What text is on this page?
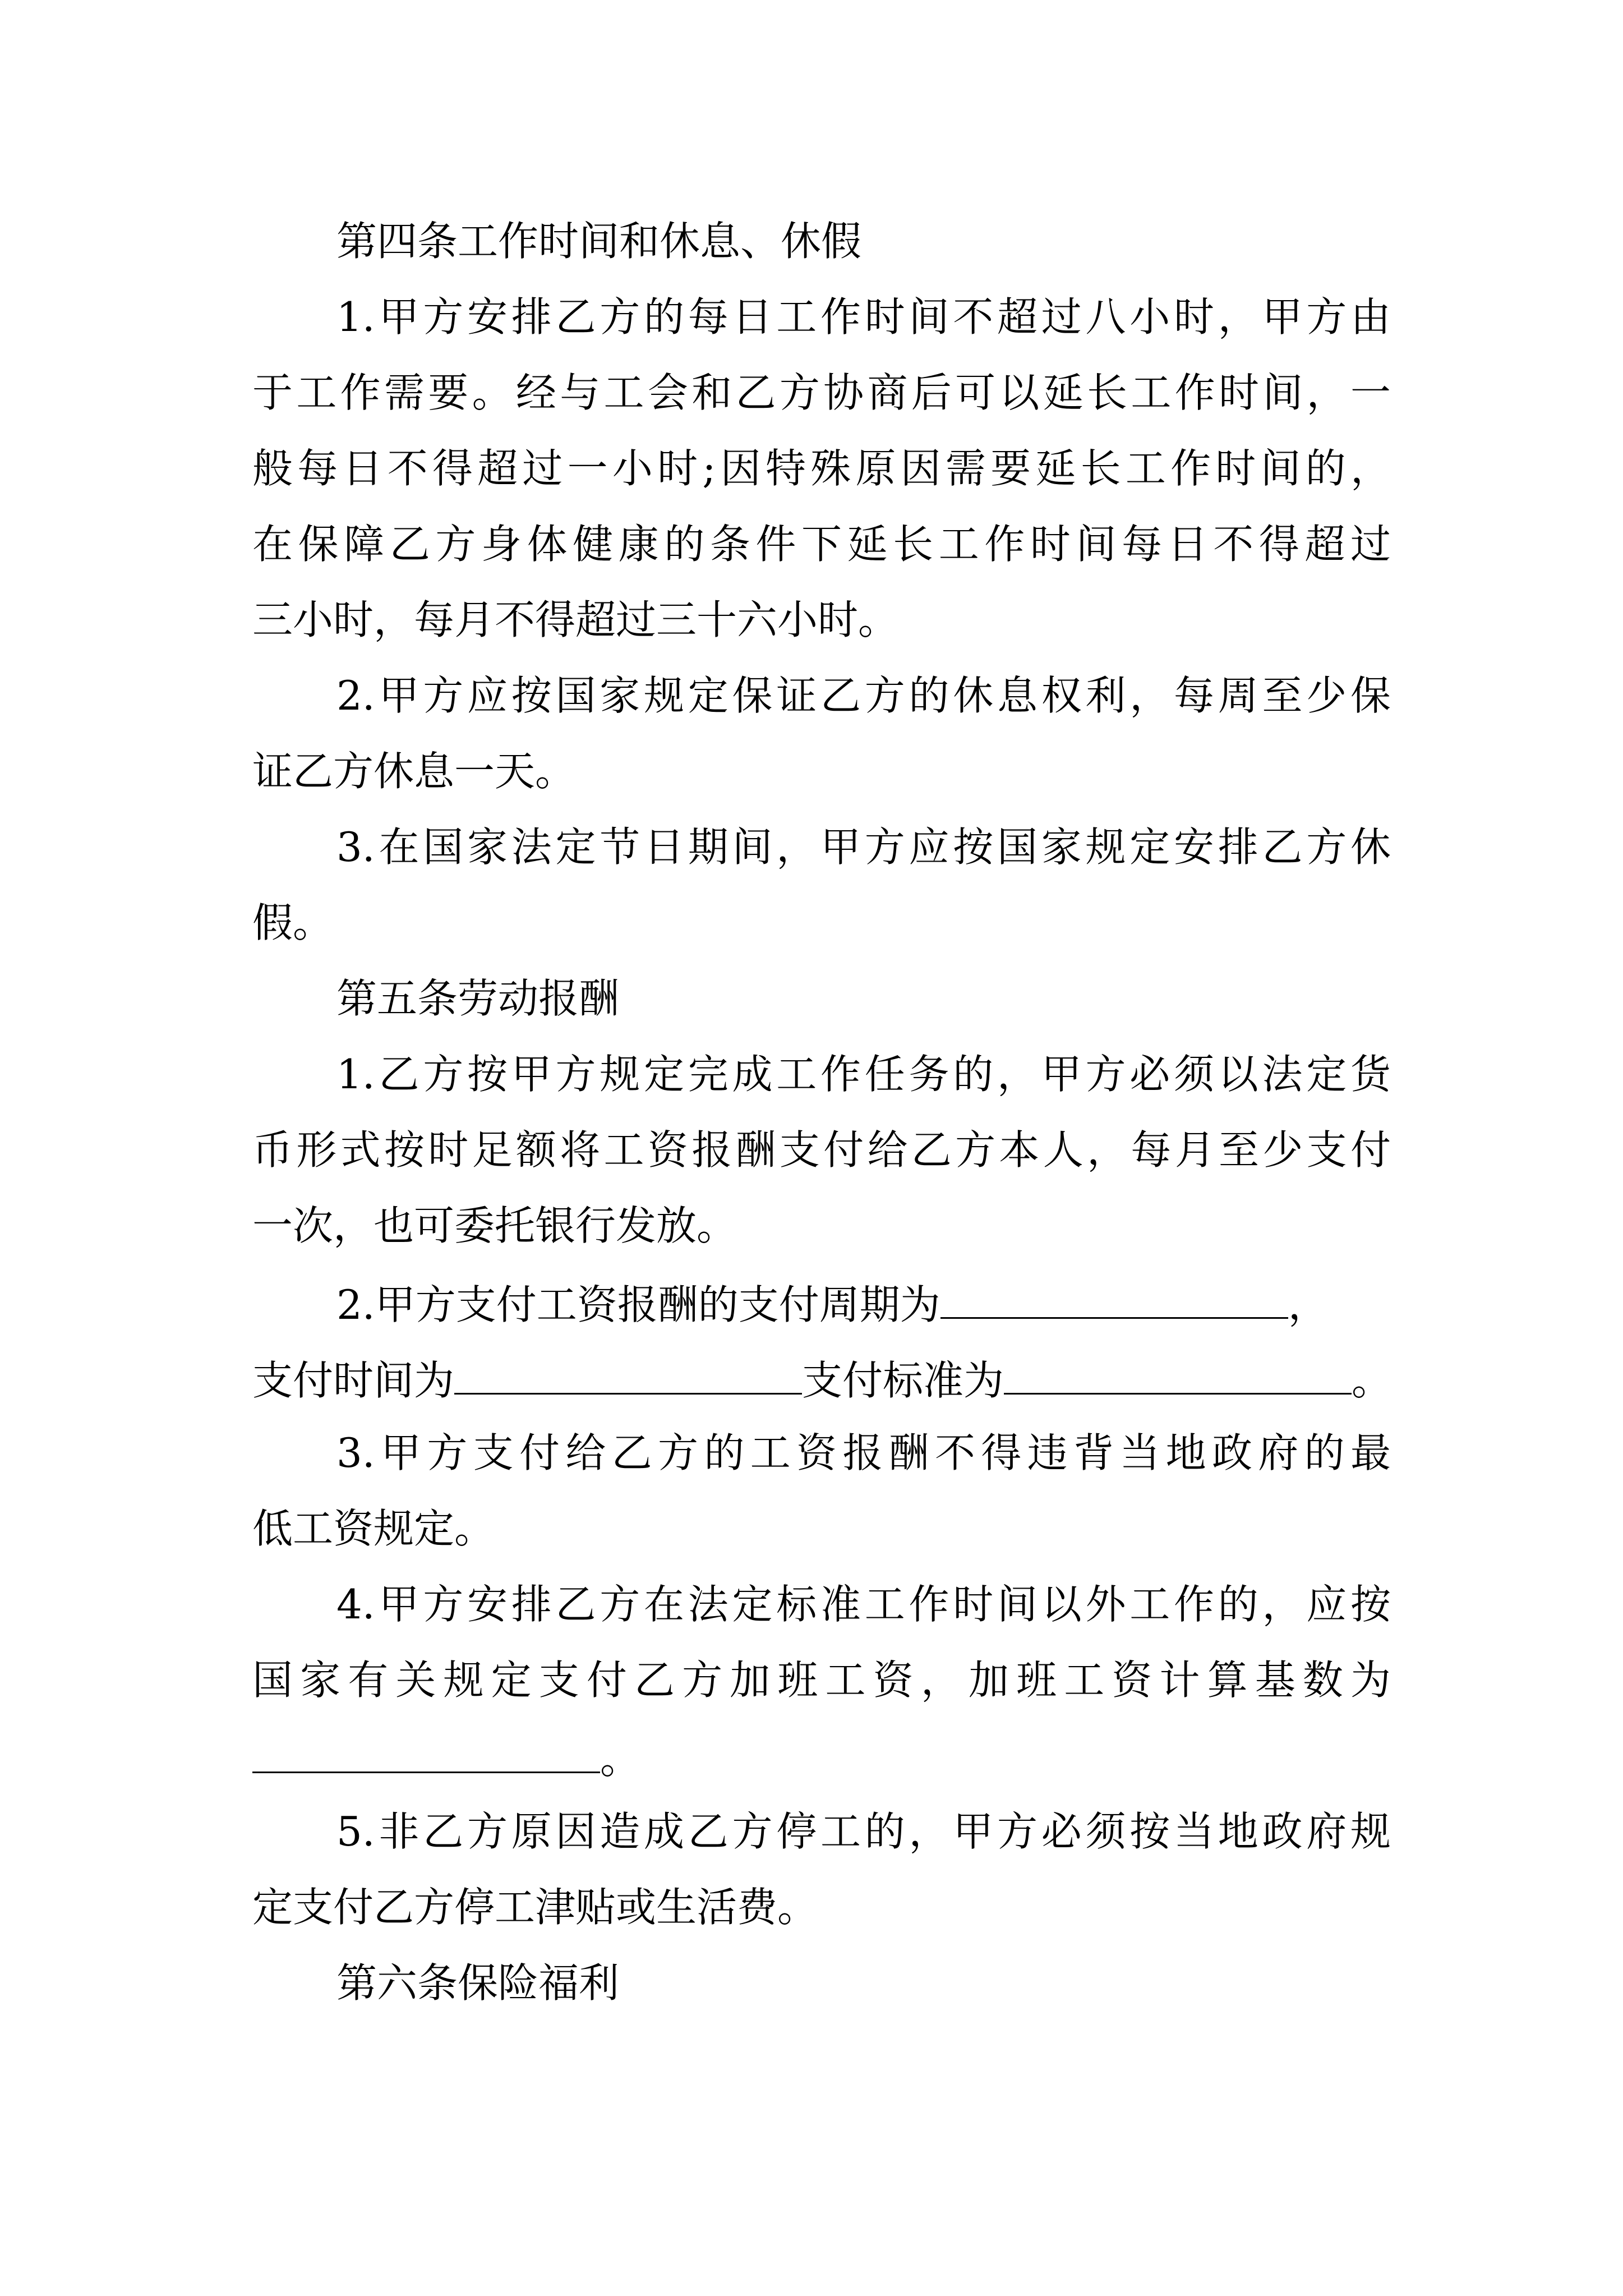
第四条工作时间和休息、休假
1.甲方安排乙方的每日工作时间不超过八小时，甲方由
于工作需要。经与工会和乙方协商后可以延长工作时间，一
般每日不得超过一小时;因特殊原因需要延长工作时间的，
在保障乙方身体健康的条件下延长工作时间每日不得超过
三小时，每月不得超过三十六小时。
2.甲方应按国家规定保证乙方的休息权利，每周至少保
证乙方休息一天。
3.在国家法定节日期间，甲方应按国家规定安排乙方休
假。
第五条劳动报酬
1.乙方按甲方规定完成工作任务的，甲方必须以法定货
币形式按时足额将工资报酬支付给乙方本人，每月至少支付
一次，也可委托银行发放。
2.甲方支付工资报酬的支付周期为	，
支付时间为	支付标准为	。
3.甲方支付给乙方的工资报酬不得违背当地政府的最
低工资规定。
4.甲方安排乙方在法定标准工作时间以外工作的，应按
国家有关规定支付乙方加班工资，加班工资计算基数为
。
5.非乙方原因造成乙方停工的，甲方必须按当地政府规
定支付乙方停工津贴或生活费。
第六条保险福利
